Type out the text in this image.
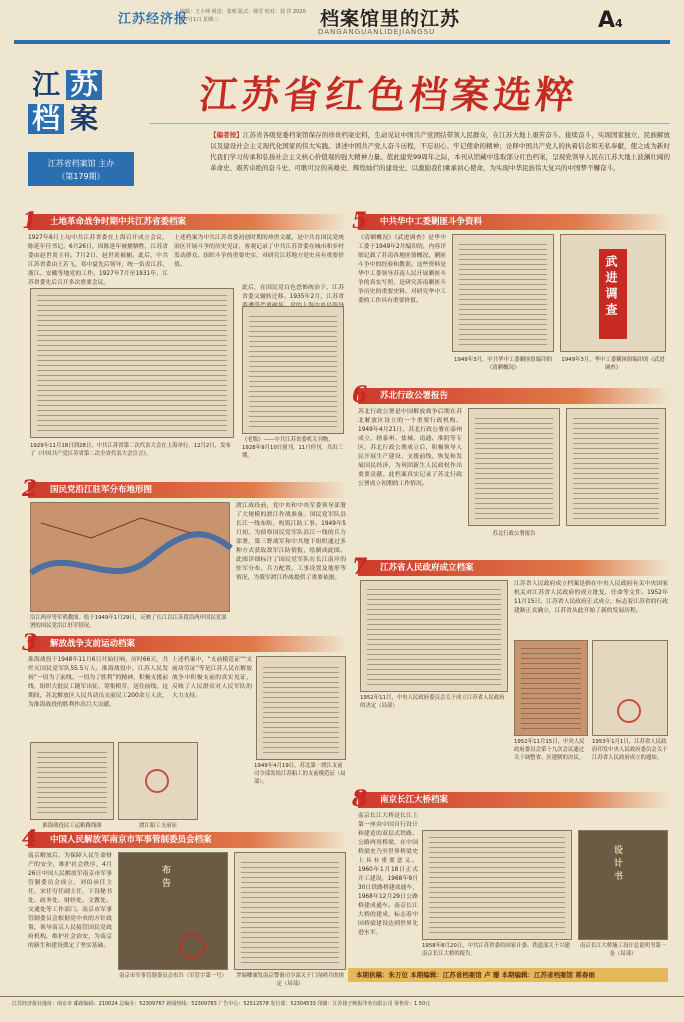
江苏经济报
编辑：王小坤 视觉：张明 版式：韩雪 校对：刘 洋 2020年7月1日 星期三	档案馆里的江苏
DANGANGUANLIDEJIANGSU	A4
江 苏
档 案
江苏省档案馆 主办
（第179期）
江苏省红色档案选粹
【编者按】江苏省各级党委档案馆保存的珍贵档案史料，生动见证中国共产党团结带领人民群众，在江苏大地上艰苦奋斗、接续奋斗，实现国家独立、民族解放以及建设社会主义现代化国家的伟大实践。讲述中国共产党人奋斗历程，不忘初心、牢记使命的精神；诠释中国共产党人的执着信念和无私奉献，使之成为新时代我们学习传承和弘扬社会主义核心价值观的强大精神力量。值此建党99周年之际，本刊从馆藏中选取部分红色档案，呈现党领导人民在江苏大地上波澜壮阔的革命史、艰苦卓绝的奋斗史、可歌可泣的英雄史、辉煌灿烂的建设史，以激励我们乘承初心使命，为实现中华民族伟大复兴的中国梦不懈奋斗。
1	土地革命战争时期中共江苏省委档案
1927年6月上旬中共江苏省委在上海召开成立会议，陈延年任书记。6月26日，因陈延年被捕牺牲，江苏省委由赵世炎主持。7月2日，赵世炎被捕。此后，中共江苏省委由王若飞、邓中夏先后领导，统一负责江苏、浙江、安徽等地党的工作。1927年7月至1931年，江苏省委先后召开多次重要会议。
上述档案为中共江苏省委初创时期的珍贵文献，是中共在国民党统治区开展斗争的历史见证，客观记录了中共江苏省委在城市和乡村发动群众、组织斗争的重要史实，对研究江苏地方党史具有重要价值。
此后，在国民党白色恐怖统治下，江苏省委又辗转迁移。1935年2月，江苏省
1929年11月18日到28日，中共江苏省第二次代表大会在上海举行。12月2日，发布了《中国共产党江苏省第二次全省代表大会宣言》。
《老版》——中共江苏省委机关刊物，1928年9月10日创刊，11月停刊，共出三期。
2	国民党沿江驻军分布地形图
沿江两岸等军鸦教图。绘于1949年1月29日，反映了长江以江苏段沿两岸国民党部署的国民党沿江驻军情况。
渡江战役前，党中央和中央军委领导部署了大规模的渡江作战准备。国民党军队沿长江一线布防，构筑江防工事。1949年5月初，为侦察国民党军队沿江一线的兵力部署，第三野战军和中共地下组织通过多种方式获取敌军江防情报，绘制成此图。此图详细标注了国民党军队在长江南岸的驻军分布、兵力配置、工事设置及地形等情况，为我军渡江作战提供了重要依据。
3	解放战争支前运动档案
淮海战役于1948年11月6日开始打响，历时66天，共歼灭国民党军队55.5万人。淮海战役中，江苏人民发扬“一切为了前线、一切为了胜利”的精神，积极支援前线，组织大批民工随军出征，筹集粮草，送往前线。这期间，苏北解放区人民共动员支前民工200余万人次，为淮海战役的胜利作出巨大贡献。
上述档案中，“支前模范证”“支前功劳证”等是江苏人民在解放战争中积极支前的真实见证，反映了人民群众对人民军队的大力支持。
淮海战役民工运粮路线图	渡江船工支前证
1949年4月19日，苏北第一渡江支前司令部发给江苏船工的支前模范证（局部）。
4	中国人民解放军南京市军事管制委员会档案
南京解放后，为保障人民生命财产的安全，维护社会秩序，4月26日中国人民解放军南京市军事管制委员会成立，刘伯承任主任，宋任穷任副主任，下设秘书处、政务处、财经处、文教处、交通处等工作部门。南京市军事管制委员会根据党中央的方针政策，领导南京人民接管国民党政府机构，维护社会治安，为南京的新生和建设奠定了坚实基础。
布告
南京市军事管制委员会布告（军管字第一号）	罗瑞卿颁发南京警备司令部关于门岗哨兵的规定（局部）
5	中共华中工委剿匪斗争资料
《清剿概况》《武进调查》是华中工委于1949年2月编印的，内容详细记载了苏南各地匪情概况、剿匪斗争中的经验和教训。这些资料是华中工委领导苏南人民开展剿匪斗争的真实写照，是研究苏南剿匪斗争历史的重要史料，对研究华中工委的工作具有重要价值。	武进调查
1949年3月，中共华中工委剿匪组编印的《清剿概况》
1949年3月，华中工委剿匪组编印的《武进调查》
6	苏北行政公署报告
苏北行政公署是中国解放战争后期在苏北解放区设立的一个重要行政机构。1949年4月21日，苏北行政公署在泰州成立，辖泰州、盐城、南通、淮阴等专区。苏北行政公署成立后，积极领导人民开展生产建设、支援前线、恢复和发展国民经济，为巩固新生人民政权作出重要贡献。此档案真实记录了苏北行政公署成立初期的工作情况。
苏北行政公署报告
7	江苏省人民政府成立档案
江苏省人民政府成立档案是指在中央人民政府有关中央国家机关对江苏省人民政府的成立批复、任命等文件。1952年11月15日，江苏省人民政府正式成立，标志着江苏省的行政建制正式确立，江苏省从此开始了新的发展历程。
1952年11月，中央人民政府委员会关于成立江苏省人民政府的决定（局部）
1952年11月15日，中央人民政府委员会第十九次会议通过关于调整省、区建制的决议。
1953年1月1日，江苏省人民政府印发中央人民政府委员会关于江苏省人民政府成立的通知。
8	南京长江大桥档案
南京长江大桥是长江上第一座由中国自行设计和建造的双层式铁路、公路两用桥梁，在中国桥梁史乃至世界桥梁史上具有重要意义。1960年1月18日正式开工建设，1968年9月30日铁路桥建成通车，1968年12月29日公路桥建成通车。南京长江大桥的建成，标志着中国桥梁建设达到世界先进水平。
设计书
1958年8月20日，中共江苏省委给国家计委、铁道部关于兴建南京长江大桥的报告。
南京长江大桥施工设计总说明书第一卷（局部）
本期供稿：朱万位 本期编辑：江苏省档案馆 卢 珊 本期编辑：江苏省档案馆 蒋春雨
江苏经济报社地址：南京市 邮政编码：210024 总编办：52309767 新闻热线：52309783 广告中心：52512578 发行部：52304533 印刷：江苏扬子晚报印务有限公司 零售价：1.50元
